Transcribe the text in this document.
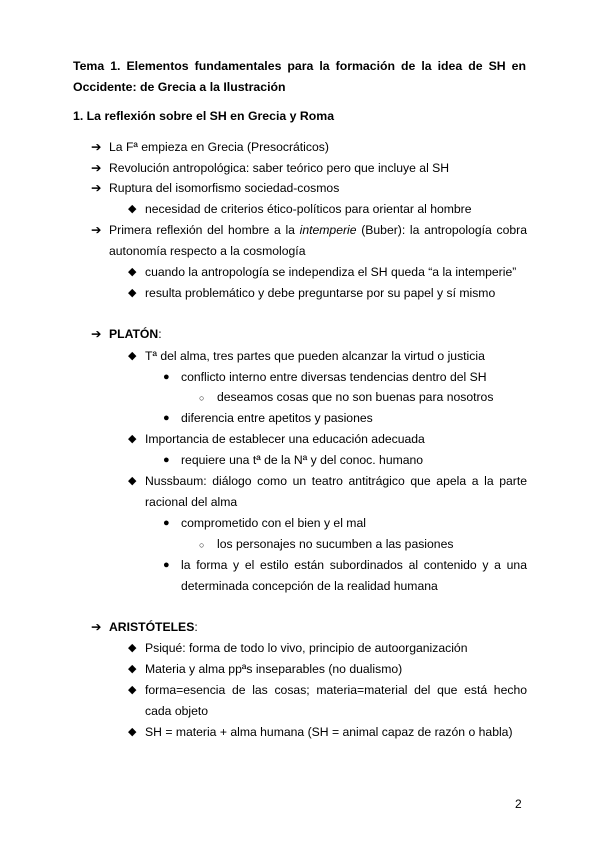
Tema 1. Elementos fundamentales para la formación de la idea de SH en Occidente: de Grecia a la Ilustración
1. La reflexión sobre el SH en Grecia y Roma
➔ La Fª empieza en Grecia (Presocráticos)
➔ Revolución antropológica: saber teórico pero que incluye al SH
➔ Ruptura del isomorfismo sociedad-cosmos
◆ necesidad de criterios ético-políticos para orientar al hombre
➔ Primera reflexión del hombre a la intemperie (Buber): la antropología cobra
autonomía respecto a la cosmología
◆ cuando la antropología se independiza el SH queda “a la intemperie”
◆ resulta problemático y debe preguntarse por su papel y sí mismo
➔ PLATÓN:
◆ Tª del alma, tres partes que pueden alcanzar la virtud o justicia
● conflicto interno entre diversas tendencias dentro del SH
○ deseamos cosas que no son buenas para nosotros
● diferencia entre apetitos y pasiones
◆ Importancia de establecer una educación adecuada
● requiere una tª de la Nª y del conoc. humano
◆ Nussbaum: diálogo como un teatro antitrágico que apela a la parte
racional del alma
● comprometido con el bien y el mal
○ los personajes no sucumben a las pasiones
● la forma y el estilo están subordinados al contenido y a una
determinada concepción de la realidad humana
➔ ARISTÓTELES:
◆ Psiqué: forma de todo lo vivo, principio de autoorganización
◆ Materia y alma ppªs inseparables (no dualismo)
◆ forma=esencia de las cosas; materia=material del que está hecho
cada objeto
◆ SH = materia + alma humana (SH = animal capaz de razón o habla)
2
